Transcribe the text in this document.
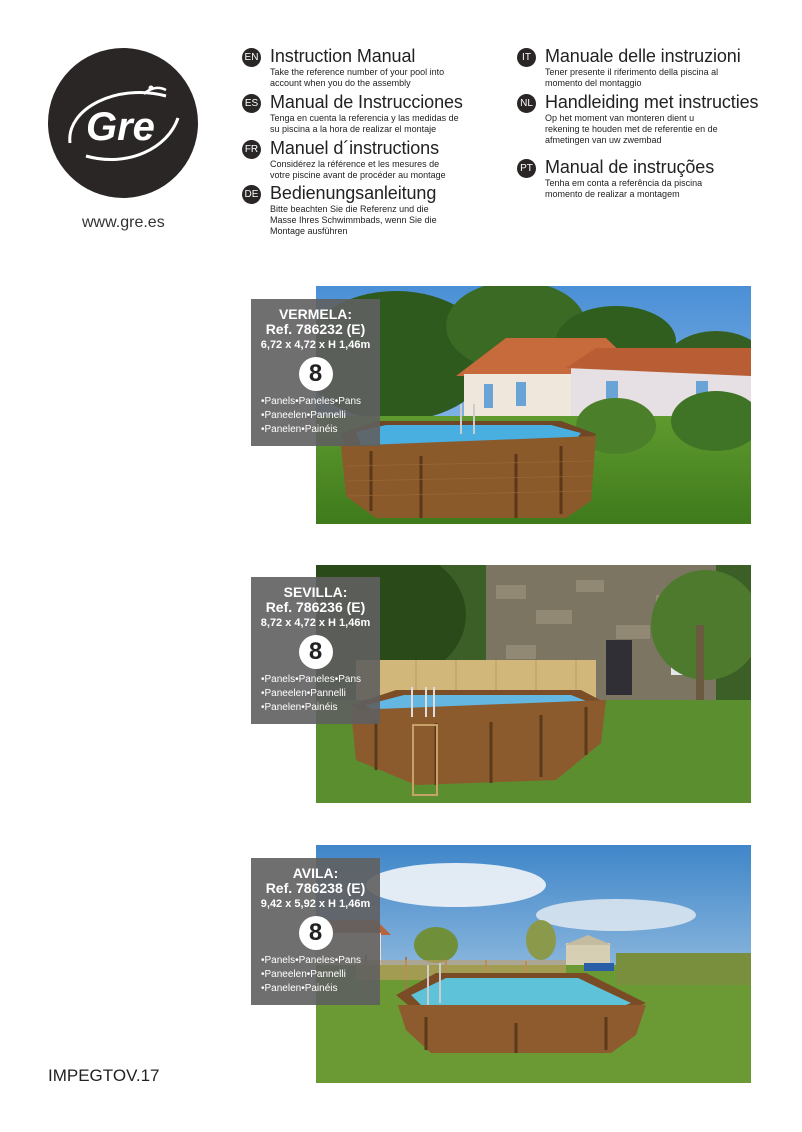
Gre
www.gre.es
EN Instruction Manual
Take the reference number of your pool into
account when you do the assembly
ES Manual de Instrucciones
Tenga en cuenta la referencia y las medidas de
su piscina a la hora de realizar el montaje
FR Manuel d´instructions
Considérez la référence et les mesures de
votre piscine avant de procéder au montage
DE Bedienungsanleitung
Bitte beachten Sie die Referenz und die
Masse Ihres Schwimmbads, wenn Sie die
Montage ausführen
IT Manuale delle instruzioni
Tener presente il riferimento della piscina al
momento del montaggio
NL Handleiding met instructies
Op het moment van monteren dient u
rekening te houden met de referentie en de
afmetingen van uw zwembad
PT Manual de instruções
Tenha em conta a referência da piscina
momento de realizar a montagem
VERMELA:
Ref. 786232 (E)
6,72 x 4,72 x H 1,46m
8
•Panels•Paneles•Pans
•Paneelen•Pannelli
•Panelen•Painéis
SEVILLA:
Ref. 786236 (E)
8,72 x 4,72 x H 1,46m
8
•Panels•Paneles•Pans
•Paneelen•Pannelli
•Panelen•Painéis
AVILA:
Ref. 786238 (E)
9,42 x 5,92 x H 1,46m
8
•Panels•Paneles•Pans
•Paneelen•Pannelli
•Panelen•Painéis
IMPEGTOV.17
